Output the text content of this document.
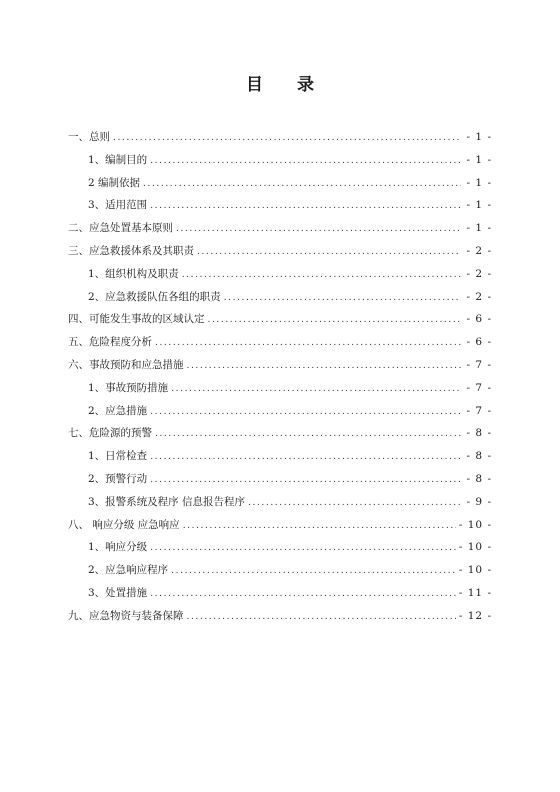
目 录
一、总则 .....	- 1 -
1、编制目的 .....	- 1 -
2 编制依据 .....	- 1 -
3、适用范围 .....	- 1 -
二、应急处置基本原则 .....	- 1 -
三、应急救援体系及其职责 .....	- 2 -
1、组织机构及职责 .....	- 2 -
2、应急救援队伍各组的职责 .....	- 2 -
四、可能发生事故的区域认定 .....	- 6 -
五、危险程度分析 .....	- 6 -
六、事故预防和应急措施 .....	- 7 -
1、事故预防措施 .....	- 7 -
2、应急措施 .....	- 7 -
七、危险源的预警 .....	- 8 -
1、日常检查 .....	- 8 -
2、预警行动 .....	- 8 -
3、报警系统及程序 信息报告程序 .....	- 9 -
八、 响应分级 应急响应 .....	- 10 -
1、响应分级 .....	- 10 -
2、应急响应程序 .....	- 10 -
3、处置措施 .....	- 11 -
九、应急物资与装备保障 .....	- 12 -
